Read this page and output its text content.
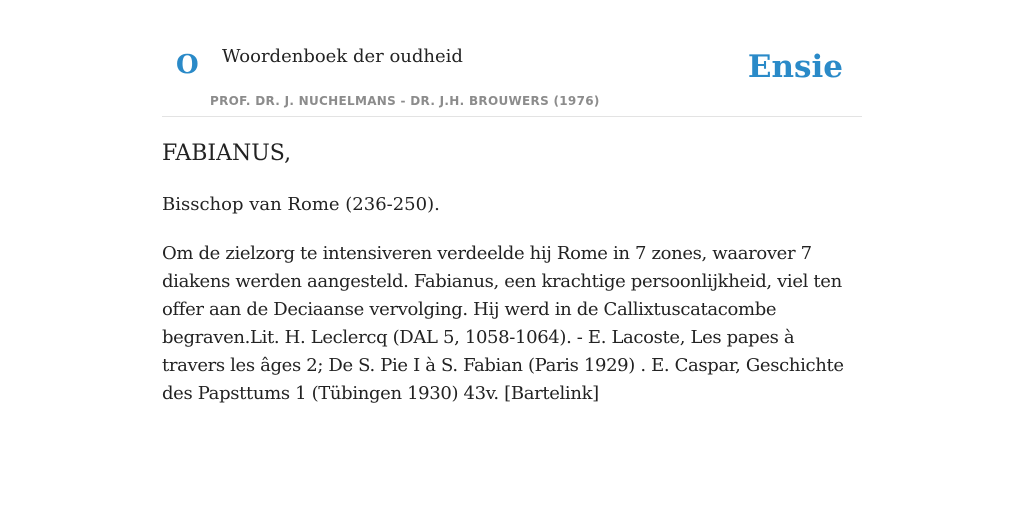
O Woordenboek der oudheid
PROF. DR. J. NUCHELMANS - DR. J.H. BROUWERS (1976)
Ensie
FABIANUS,

Bisschop van Rome (236-250).

Om de zielzorg te intensiveren verdeelde hij Rome in 7 zones, waarover 7 diakens werden aangesteld. Fabianus, een krachtige persoonlijkheid, viel ten offer aan de Deciaanse vervolging. Hij werd in de Callixtuscatacombe begraven.Lit. H. Leclercq (DAL 5, 1058-1064). - E. Lacoste, Les papes à travers les âges 2; De S. Pie I à S. Fabian (Paris 1929) . E. Caspar, Geschichte des Papsttums 1 (Tübingen 1930) 43v. [Bartelink]
